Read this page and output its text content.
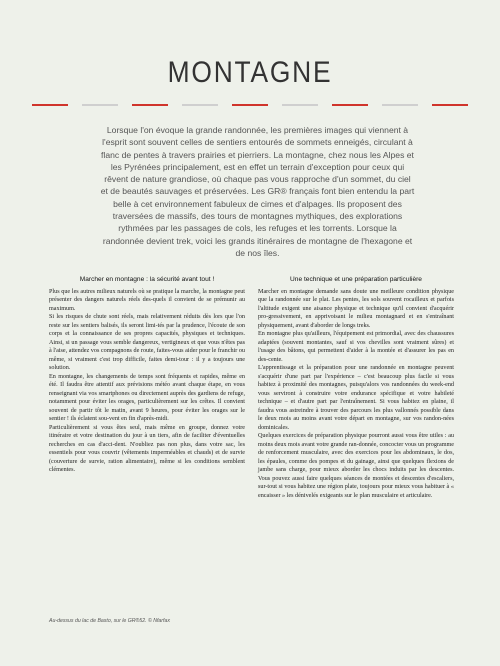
MONTAGNE
Lorsque l'on évoque la grande randonnée, les premières images qui viennent à l'esprit sont souvent celles de sentiers entourés de sommets enneigés, circulant à flanc de pentes à travers prairies et pierriers. La montagne, chez nous les Alpes et les Pyrénées principalement, est en effet un terrain d'exception pour ceux qui rêvent de nature grandiose, où chaque pas vous rapproche d'un sommet, du ciel et de beautés sauvages et préservées. Les GR® français font bien entendu la part belle à cet environnement fabuleux de cimes et d'alpages. Ils proposent des traversées de massifs, des tours de montagnes mythiques, des explorations rythmées par les passages de cols, les refuges et les torrents. Lorsque la randonnée devient trek, voici les grands itinéraires de montagne de l'hexagone et de nos îles.
Marcher en montagne : la sécurité avant tout !

Plus que les autres milieux naturels où se pratique la marche, la montagne peut présenter des dangers naturels réels des-quels il convient de se prémunir au maximum.

Si les risques de chute sont réels, mais relativement réduits dès lors que l'on reste sur les sentiers balisés, ils seront limi-tés par la prudence, l'écoute de son corps et la connaissance de ses propres capacités, physiques et techniques. Ainsi, si un passage vous semble dangereux, vertigineux et que vous n'êtes pas à l'aise, attendez vos compagnons de route, faites-vous aider pour le franchir ou même, si vraiment c'est trop difficile, faites demi-tour : il y a toujours une solution.

En montagne, les changements de temps sont fréquents et rapides, même en été. Il faudra être attentif aux prévisions météo avant chaque étape, en vous renseignant via vos smartphones ou directement auprès des gardiens de refuge, notamment pour éviter les orages, particulièrement sur les crêtes. Il convient souvent de partir tôt le matin, avant 9 heures, pour éviter les orages sur le sentier ! ils éclatent sou-vent en fin d'après-midi.

Particulièrement si vous êtes seul, mais même en groupe, donnez votre itinéraire et votre destination du jour à un tiers, afin de faciliter d'éventuelles recherches en cas d'acci-dent. N'oubliez pas non plus, dans votre sac, les essentiels pour vous couvrir (vêtements imperméables et chauds) et de survie (couverture de survie, ration alimentaire), même si les conditions semblent clémentes.

Une technique et une préparation particulière

Marcher en montagne demande sans doute une meilleure condition physique que la randonnée sur le plat. Les pentes, les sols souvent rocailleux et parfois l'altitude exigent une aisance physique et technique qu'il convient d'acquérir pro-gressivement, en apprivoisant le milieu montagnard et en s'entraînant physiquement, avant d'aborder de longs treks.

En montagne plus qu'ailleurs, l'équipement est primordial, avec des chaussures adaptées (souvent montantes, sauf si vos chevilles sont vraiment sûres) et l'usage des bâtons, qui permettent d'aider à la montée et d'assurer les pas en des-cente.

L'apprentissage et la préparation pour une randonnée en montagne peuvent s'acquérir d'une part par l'expérience – c'est beaucoup plus facile si vous habitez à proximité des montagnes, puisqu'alors vos randonnées du week-end vous serviront à construire votre endurance spécifique et votre habileté technique – et d'autre part par l'entraînement. Si vous habitez en plaine, il faudra vous astreindre à trouver des parcours les plus vallonnés possible dans le deux mois au moins avant votre départ en montagne, sur vos randon-nées dominicales.

Quelques exercices de préparation physique pourront aussi vous être utiles : au moins deux mois avant votre grande ran-donnée, concocter vous un programme de renforcement musculaire, avec des exercices pour les abdominaux, le dos, les épaules, comme des pompes et du gainage, ainsi que quelques flexions de jambe sans charge, pour mieux aborder les chocs induits par les descentes. Vous pouvez aussi faire quelques séances de montées et descentes d'escaliers, sur-tout si vous habitez une région plate, toujours pour mieux vous habituer à « encaisser » les dénivelés exigeants sur le plan musculaire et articulaire.

Au-dessus du lac de Basto, sur le GR®52. © Nfarfax
